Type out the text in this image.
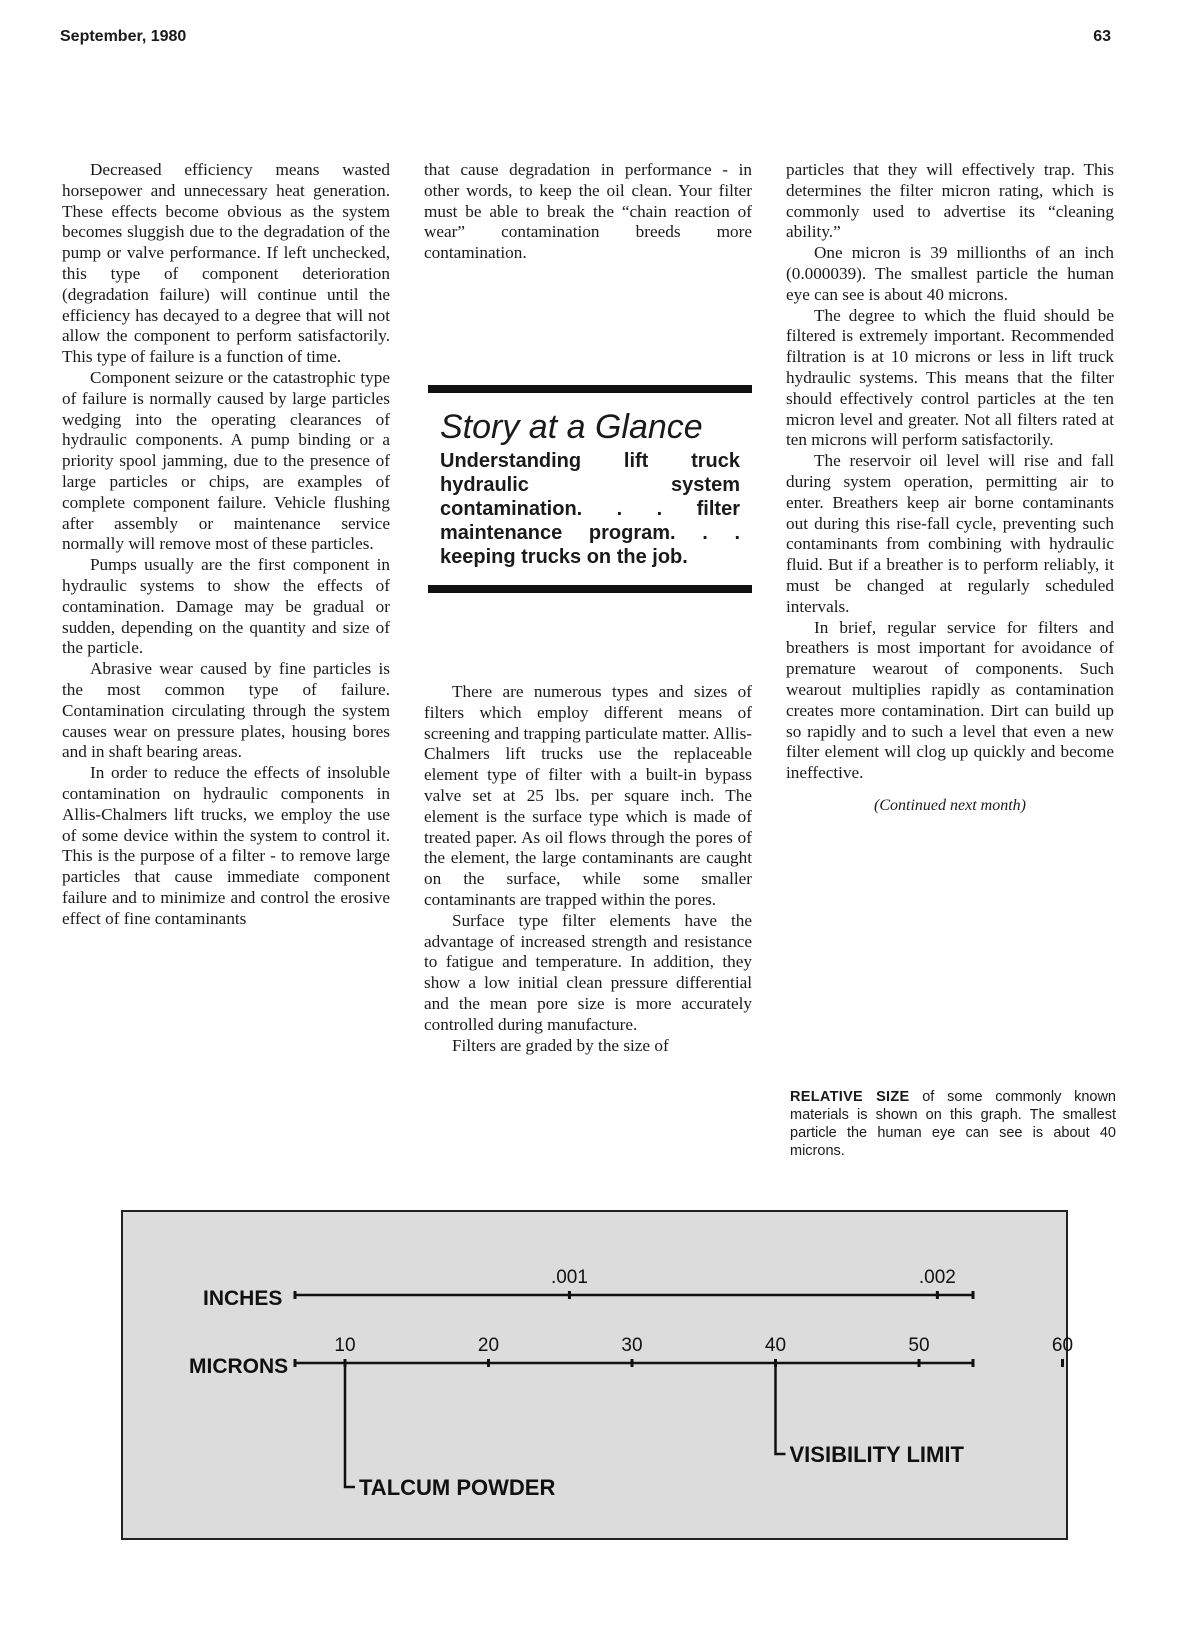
September, 1980	63

Decreased efficiency means wasted horsepower and unnecessary heat generation. These effects become obvious as the system becomes sluggish due to the degradation of the pump or valve performance. If left unchecked, this type of component deterioration (degradation failure) will continue until the efficiency has decayed to a degree that will not allow the component to perform satisfactorily. This type of failure is a function of time.

Component seizure or the catastrophic type of failure is normally caused by large particles wedging into the operating clearances of hydraulic components. A pump binding or a priority spool jamming, due to the presence of large particles or chips, are examples of complete component failure. Vehicle flushing after assembly or maintenance service normally will remove most of these particles.

Pumps usually are the first component in hydraulic systems to show the effects of contamination. Damage may be gradual or sudden, depending on the quantity and size of the particle.

Abrasive wear caused by fine particles is the most common type of failure. Contamination circulating through the system causes wear on pressure plates, housing bores and in shaft bearing areas.

In order to reduce the effects of insoluble contamination on hydraulic components in Allis-Chalmers lift trucks, we employ the use of some device within the system to control it. This is the purpose of a filter - to remove large particles that cause immediate component failure and to minimize and control the erosive effect of fine contaminants

that cause degradation in performance - in other words, to keep the oil clean. Your filter must be able to break the “chain reaction of wear” contamination breeds more contamination.

Story at a Glance
Understanding lift truck hydraulic system contamination. . . filter maintenance program. . . keeping trucks on the job.

There are numerous types and sizes of filters which employ different means of screening and trapping particulate matter. Allis-Chalmers lift trucks use the replaceable element type of filter with a built-in bypass valve set at 25 lbs. per square inch. The element is the surface type which is made of treated paper. As oil flows through the pores of the element, the large contaminants are caught on the surface, while some smaller contaminants are trapped within the pores.

Surface type filter elements have the advantage of increased strength and resistance to fatigue and temperature. In addition, they show a low initial clean pressure differential and the mean pore size is more accurately controlled during manufacture.

Filters are graded by the size of

particles that they will effectively trap. This determines the filter micron rating, which is commonly used to advertise its “cleaning ability.”

One micron is 39 millionths of an inch (0.000039). The smallest particle the human eye can see is about 40 microns.

The degree to which the fluid should be filtered is extremely important. Recommended filtration is at 10 microns or less in lift truck hydraulic systems. This means that the filter should effectively control particles at the ten micron level and greater. Not all filters rated at ten microns will perform satisfactorily.

The reservoir oil level will rise and fall during system operation, permitting air to enter. Breathers keep air borne contaminants out during this rise-fall cycle, preventing such contaminants from combining with hydraulic fluid. But if a breather is to perform reliably, it must be changed at regularly scheduled intervals.

In brief, regular service for filters and breathers is most important for avoidance of premature wearout of components. Such wearout multiplies rapidly as contamination creates more contamination. Dirt can build up so rapidly and to such a level that even a new filter element will clog up quickly and become ineffective.

(Continued next month)
RELATIVE SIZE of some commonly known materials is shown on this graph. The smallest particle the human eye can see is about 40 microns.
INCHES
.001	.002
MICRONS
10	20	30	40	50	60
VISIBILITY LIMIT
TALCUM POWDER
